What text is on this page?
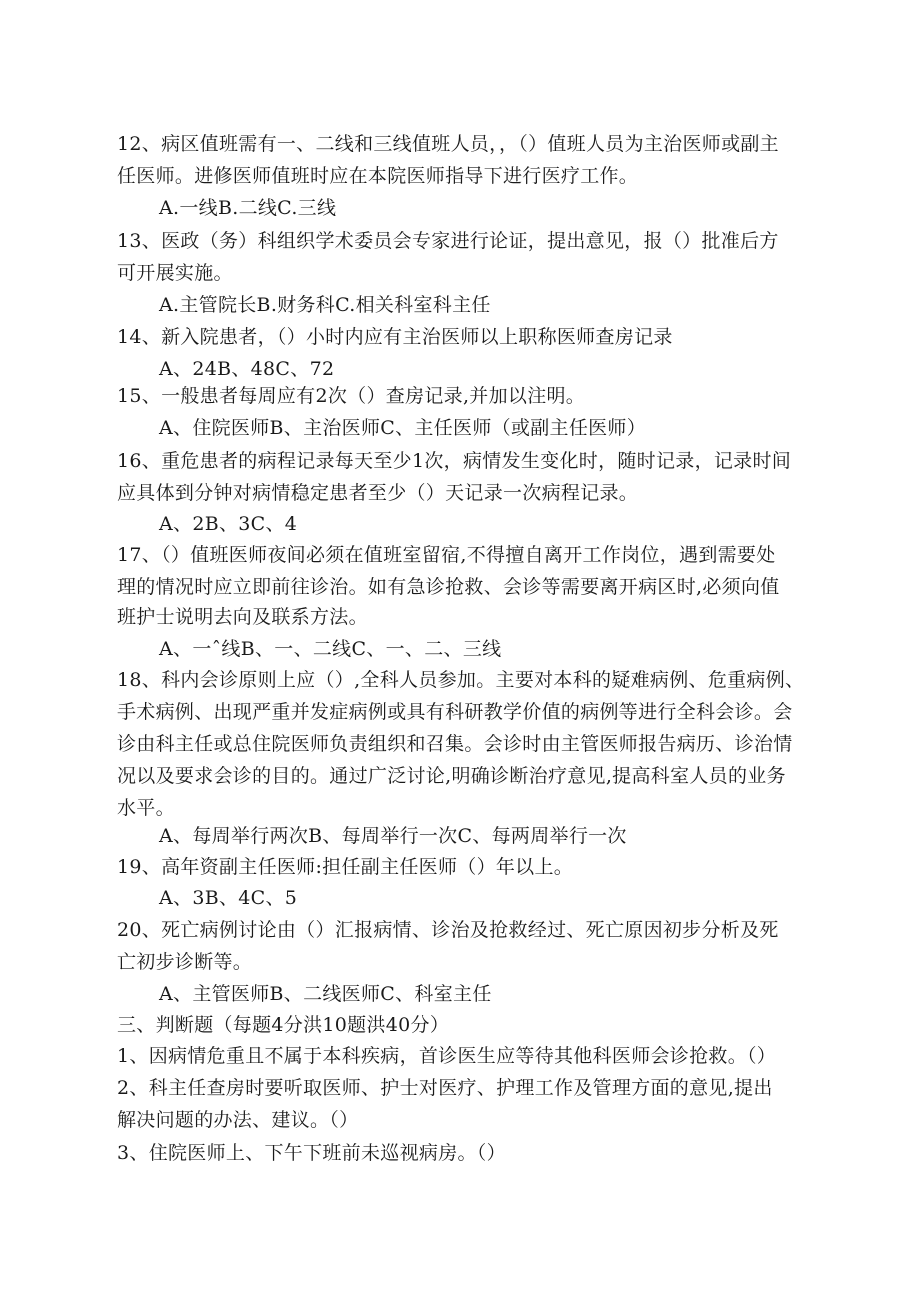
12、病区值班需有一、二线和三线值班人员，，（）值班人员为主治医师或副主
任医师。进修医师值班时应在本院医师指导下进行医疗工作。
A.一线B.二线C.三线
13、医政（务）科组织学术委员会专家进行论证，提出意见，报（）批准后方
可开展实施。
A.主管院长B.财务科C.相关科室科主任
14、新入院患者，（）小时内应有主治医师以上职称医师查房记录
A、24B、48C、72
15、一般患者每周应有2次（）查房记录,并加以注明。
A、住院医师B、主治医师C、主任医师（或副主任医师）
16、重危患者的病程记录每天至少1次，病情发生变化时，随时记录，记录时间
应具体到分钟对病情稳定患者至少（）天记录一次病程记录。
A、2B、3C、4
17、（）值班医师夜间必须在值班室留宿,不得擅自离开工作岗位，遇到需要处
理的情况时应立即前往诊治。如有急诊抢救、会诊等需要离开病区时,必须向值
班护士说明去向及联系方法。
A、一ˆ线B、一、二线C、一、二、三线
18、科内会诊原则上应（）,全科人员参加。主要对本科的疑难病例、危重病例、
手术病例、出现严重并发症病例或具有科研教学价值的病例等进行全科会诊。会
诊由科主任或总住院医师负责组织和召集。会诊时由主管医师报告病历、诊治情
况以及要求会诊的目的。通过广泛讨论,明确诊断治疗意见,提高科室人员的业务
水平。
A、每周举行两次B、每周举行一次C、每两周举行一次
19、高年资副主任医师:担任副主任医师（）年以上。
A、3B、4C、5
20、死亡病例讨论由（）汇报病情、诊治及抢救经过、死亡原因初步分析及死
亡初步诊断等。
A、主管医师B、二线医师C、科室主任
三、判断题（每题4分洪10题洪40分）
1、因病情危重且不属于本科疾病，首诊医生应等待其他科医师会诊抢救。（）
2、科主任查房时要听取医师、护士对医疗、护理工作及管理方面的意见,提出
解决问题的办法、建议。（）
3、住院医师上、下午下班前未巡视病房。（）
